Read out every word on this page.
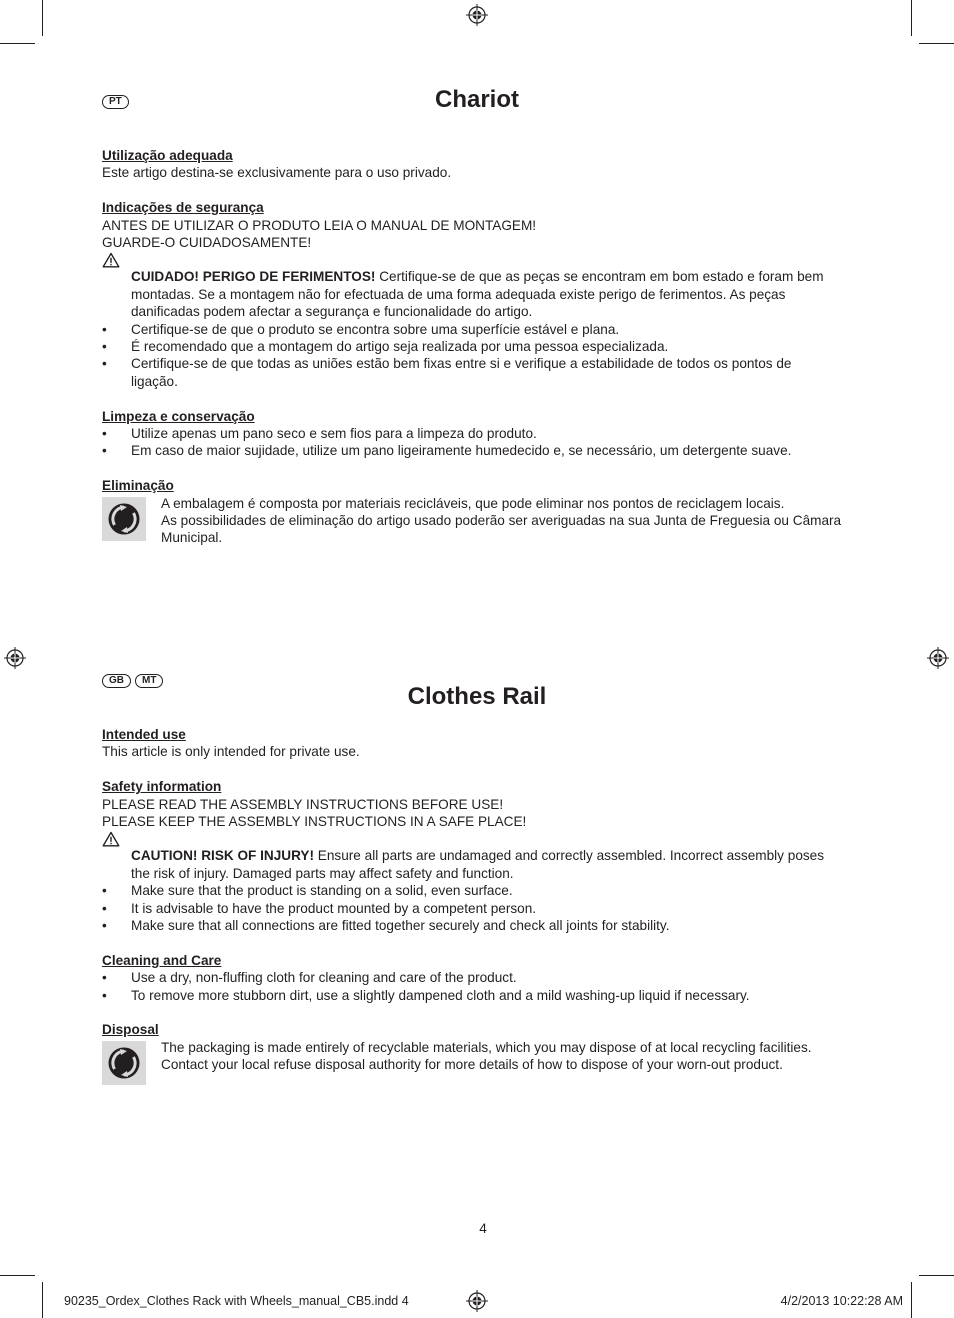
PT	Chariot
Utilização adequada
Este artigo destina-se exclusivamente para o uso privado.
Indicações de segurança
ANTES DE UTILIZAR O PRODUTO LEIA O MANUAL DE MONTAGEM!
GUARDE-O CUIDADOSAMENTE!
CUIDADO! PERIGO DE FERIMENTOS! Certifique-se de que as peças se encontram em bom estado e foram bem montadas. Se a montagem não for efectuada de uma forma adequada existe perigo de ferimentos. As peças danificadas podem afectar a segurança e funcionalidade do artigo.
• Certifique-se de que o produto se encontra sobre uma superfície estável e plana.
• É recomendado que a montagem do artigo seja realizada por uma pessoa especializada.
• Certifique-se de que todas as uniões estão bem fixas entre si e verifique a estabilidade de todos os pontos de ligação.
Limpeza e conservação
• Utilize apenas um pano seco e sem fios para a limpeza do produto.
• Em caso de maior sujidade, utilize um pano ligeiramente humedecido e, se necessário, um detergente suave.
Eliminação
A embalagem é composta por materiais recicláveis, que pode eliminar nos pontos de reciclagem locais.
As possibilidades de eliminação do artigo usado poderão ser averiguadas na sua Junta de Freguesia ou Câmara Municipal.
GB MT
Clothes Rail
Intended use
This article is only intended for private use.
Safety information
PLEASE READ THE ASSEMBLY INSTRUCTIONS BEFORE USE!
PLEASE KEEP THE ASSEMBLY INSTRUCTIONS IN A SAFE PLACE!
CAUTION! RISK OF INJURY! Ensure all parts are undamaged and correctly assembled. Incorrect assembly poses the risk of injury. Damaged parts may affect safety and function.
• Make sure that the product is standing on a solid, even surface.
• It is advisable to have the product mounted by a competent person.
• Make sure that all connections are fitted together securely and check all joints for stability.
Cleaning and Care
• Use a dry, non-fluffing cloth for cleaning and care of the product.
• To remove more stubborn dirt, use a slightly dampened cloth and a mild washing-up liquid if necessary.
Disposal
The packaging is made entirely of recyclable materials, which you may dispose of at local recycling facilities.
Contact your local refuse disposal authority for more details of how to dispose of your worn-out product.
4
90235_Ordex_Clothes Rack with Wheels_manual_CB5.indd 4	4/2/2013 10:22:28 AM
